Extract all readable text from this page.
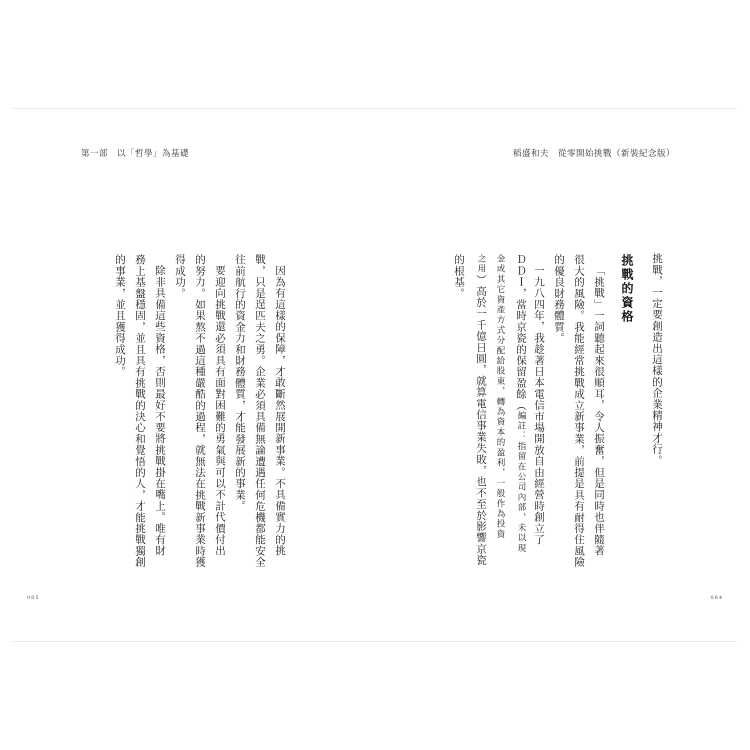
第一部　以「哲學」為基礎	稻盛和夫　從零開始挑戰（新裝紀念版）
挑戰，一定要創造出這樣的企業精神才行。
挑戰的資格
「挑戰」一詞聽起來很順耳，令人振奮，但是同時也伴隨著
很大的風險。我能經常挑戰成立新事業，前提是具有耐得住風險
的優良財務體質。
一九八四年，我趁著日本電信市場開放自由經營時創立了
ＤＤＩ，當時京瓷的保留盈餘（編註：指留在公司內部，未以現
金或其它資產方式分配給股東，轉為資本的盈利，一般作為投資
之用）高於一千億日圓，就算電信事業失敗，也不至於影響京瓷
的根基。
因為有這樣的保障，才敢斷然展開新事業。不具備實力的挑
戰，只是逞匹夫之勇。企業必須具備無論遭遇任何危機都能安全
往前航行的資金力和財務體質，才能發展新的事業。
要迎向挑戰還必須具有面對困難的勇氣與可以不計代價付出
的努力。如果熬不過這種嚴酷的過程，就無法在挑戰新事業時獲
得成功。
除非具備這些資格，否則最好不要將挑戰掛在嘴上。唯有財
務上基盤穩固，並且具有挑戰的決心和覺悟的人，才能挑戰獨創
的事業，並且獲得成功。
085	084
